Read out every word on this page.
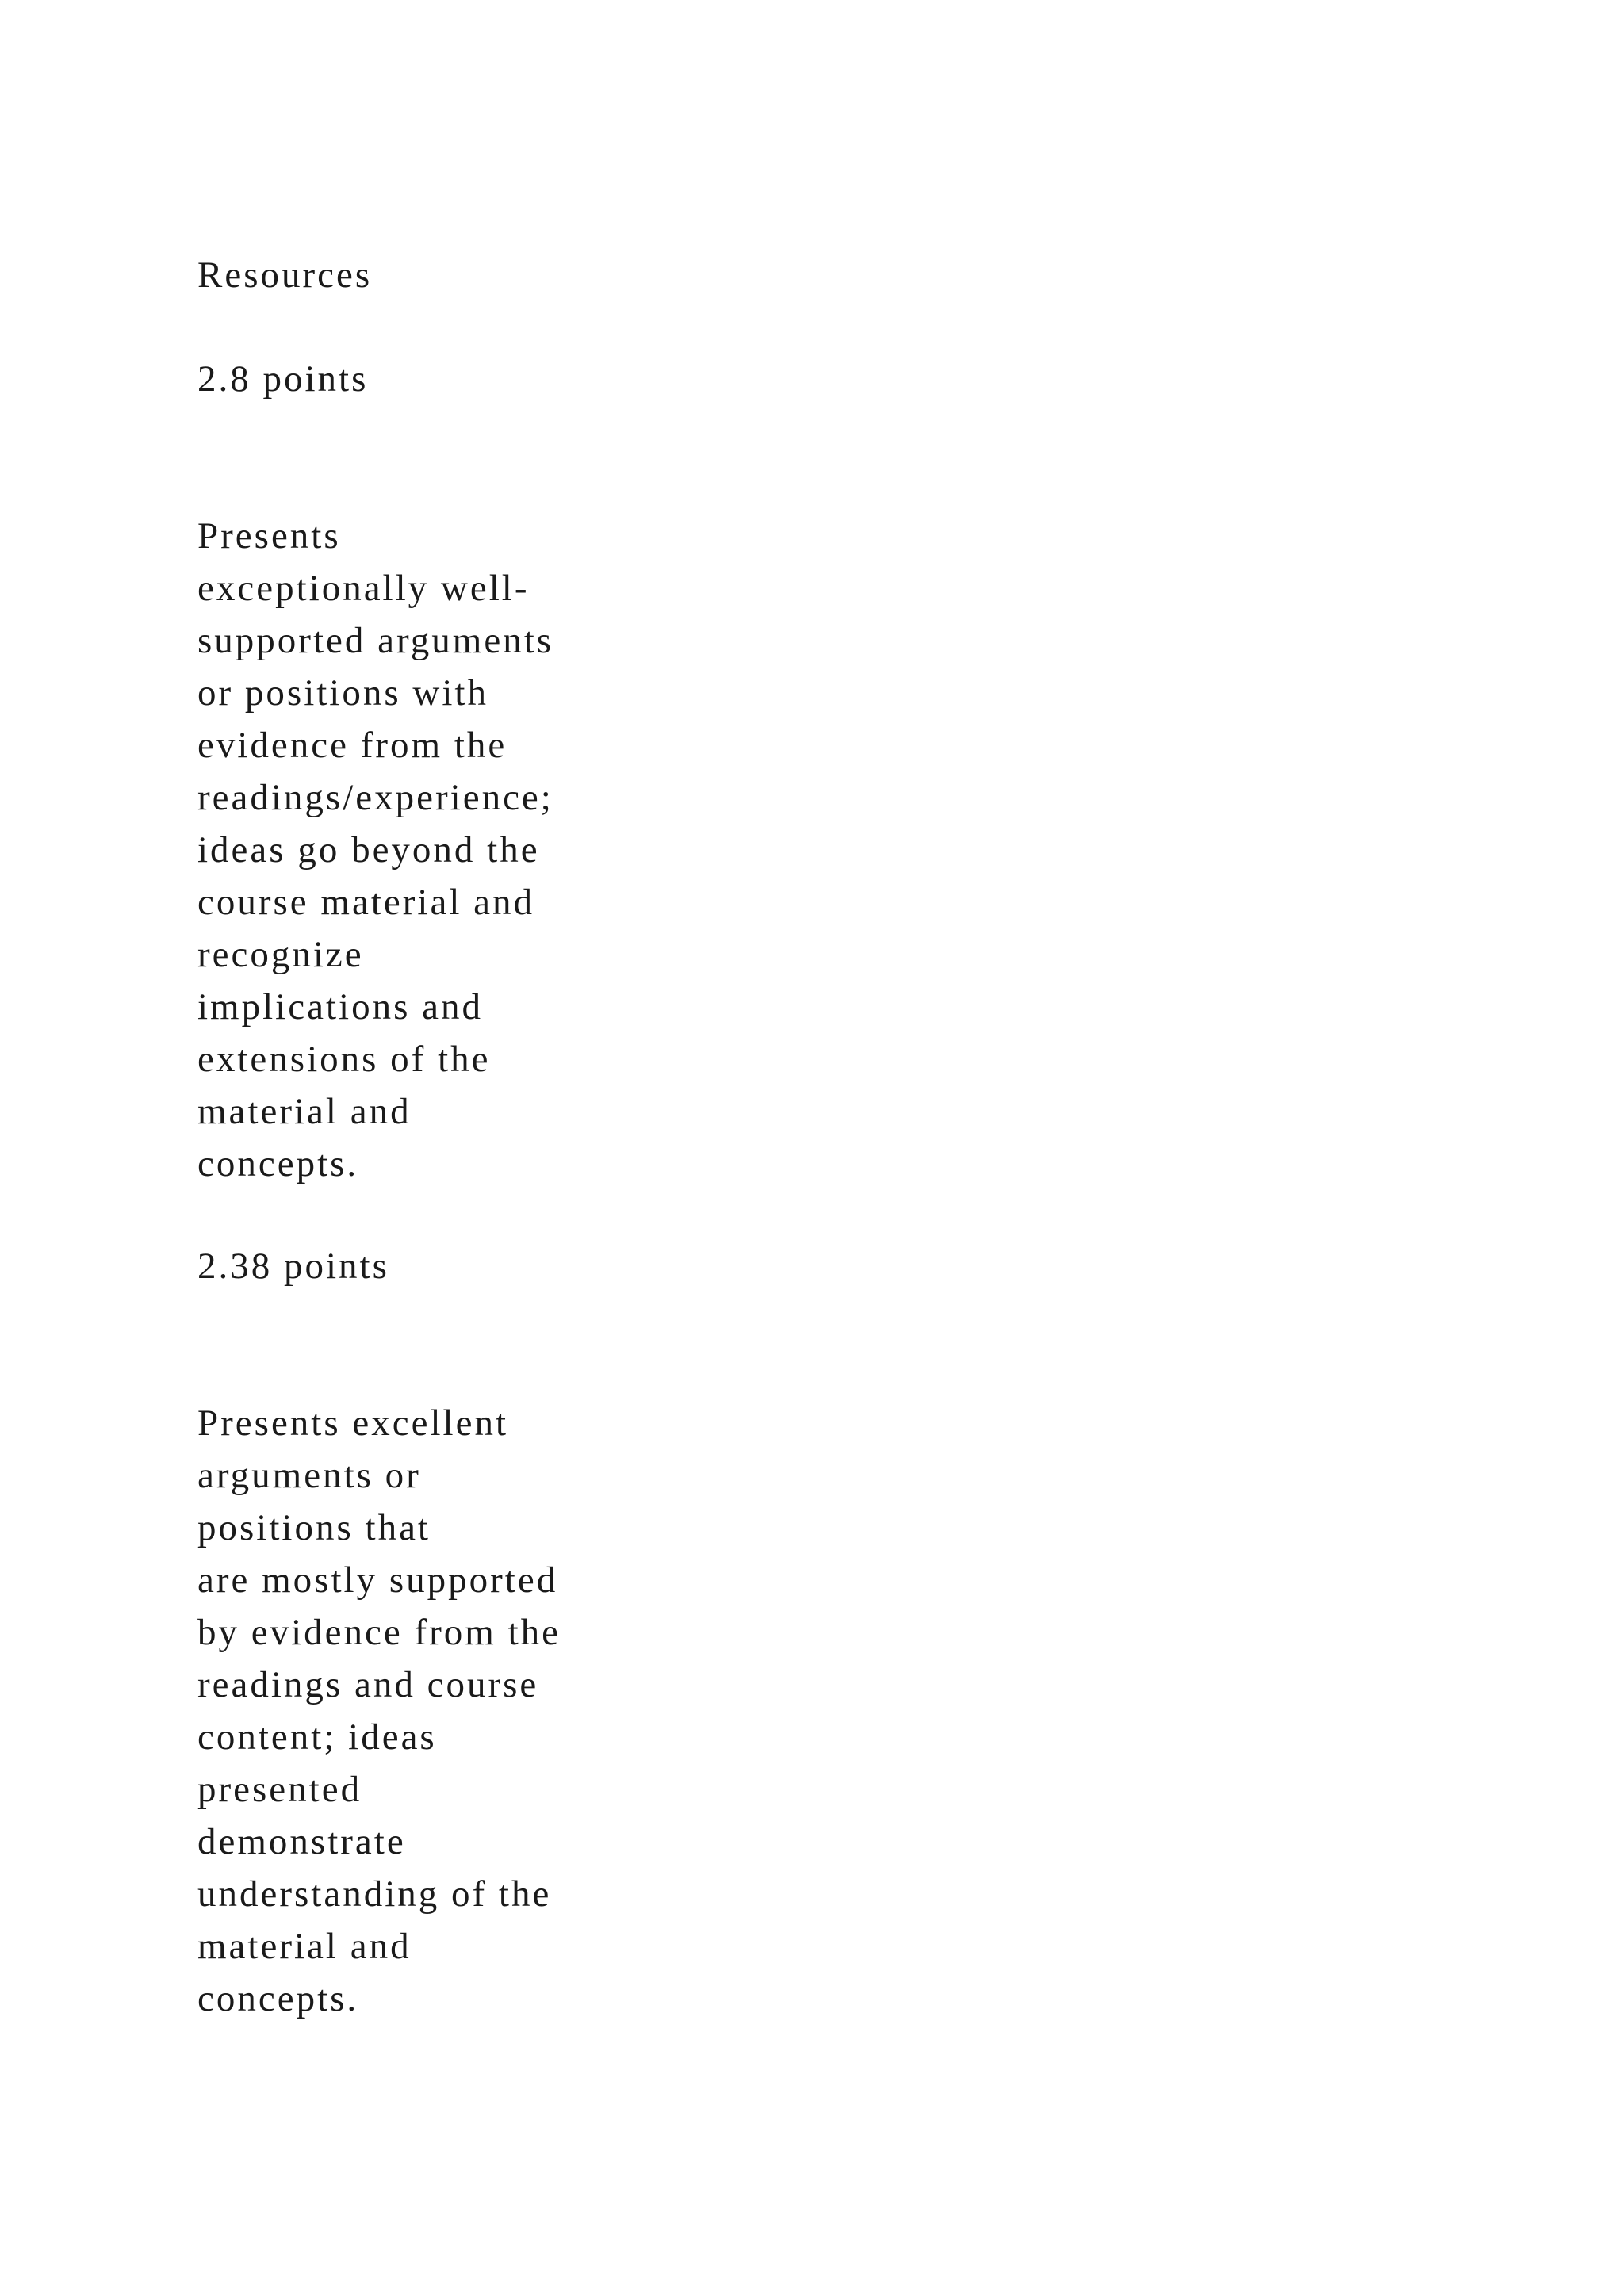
Resources

2.8 points

Presents
exceptionally well-
supported arguments
or positions with
evidence from the
readings/experience;
ideas go beyond the
course material and
recognize
implications and
extensions of the
material and
concepts.

2.38 points

Presents excellent
arguments or
positions that
are mostly supported
by evidence from the
readings and course
content; ideas
presented
demonstrate
understanding of the
material and
concepts.
